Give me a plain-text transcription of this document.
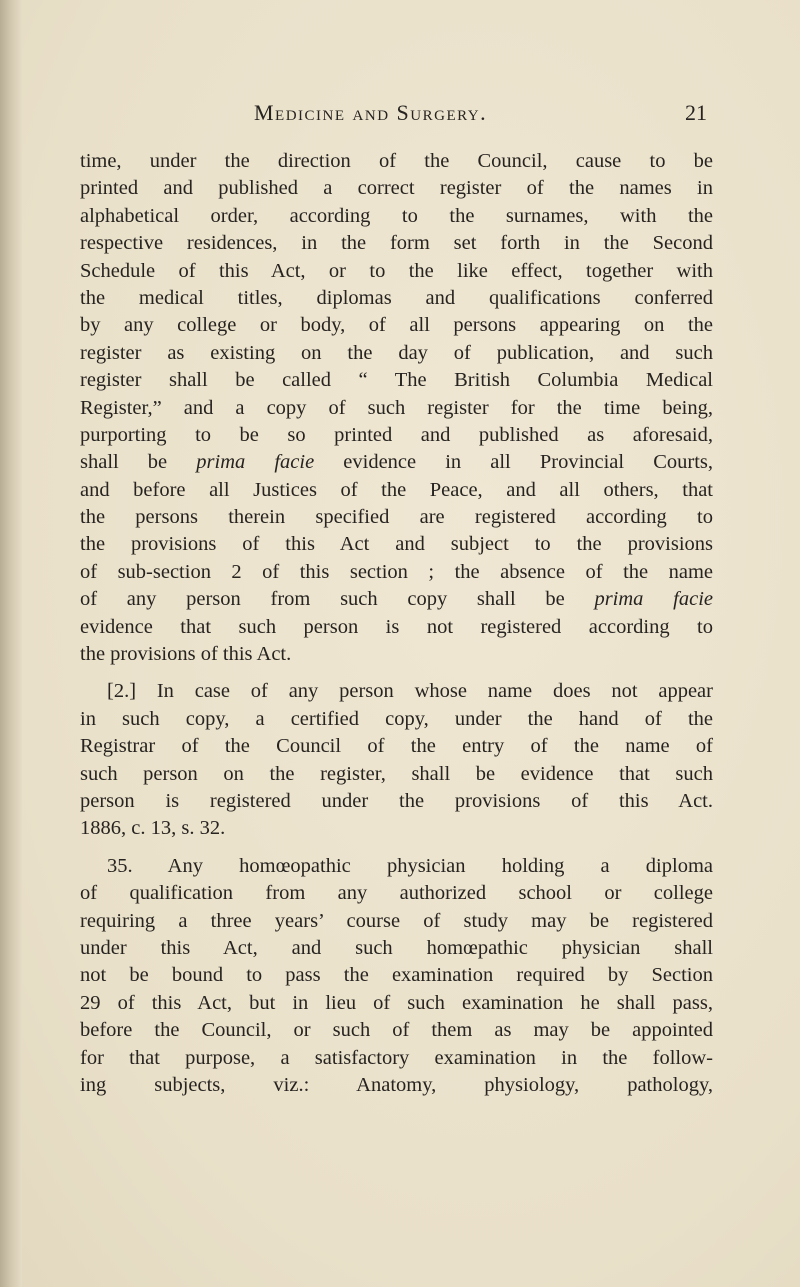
Medicine and Surgery.	21
time, under the direction of the Council, cause to be
printed and published a correct register of the names in
alphabetical order, according to the surnames, with the
respective residences, in the form set forth in the Second
Schedule of this Act, or to the like effect, together with
the medical titles, diplomas and qualifications conferred
by any college or body, of all persons appearing on the
register as existing on the day of publication, and such
register shall be called “ The British Columbia Medical
Register,” and a copy of such register for the time being,
purporting to be so printed and published as aforesaid,
shall be prima facie evidence in all Provincial Courts,
and before all Justices of the Peace, and all others, that
the persons therein specified are registered according to
the provisions of this Act and subject to the provisions
of sub-section 2 of this section ; the absence of the name
of any person from such copy shall be prima facie
evidence that such person is not registered according to
the provisions of this Act.
[2.] In case of any person whose name does not appear
in such copy, a certified copy, under the hand of the
Registrar of the Council of the entry of the name of
such person on the register, shall be evidence that such
person is registered under the provisions of this Act.
1886, c. 13, s. 32.
35. Any homœopathic physician holding a diploma
of qualification from any authorized school or college
requiring a three years’ course of study may be registered
under this Act, and such homœpathic physician shall
not be bound to pass the examination required by Section
29 of this Act, but in lieu of such examination he shall pass,
before the Council, or such of them as may be appointed
for that purpose, a satisfactory examination in the follow-
ing subjects, viz.: Anatomy, physiology, pathology,
